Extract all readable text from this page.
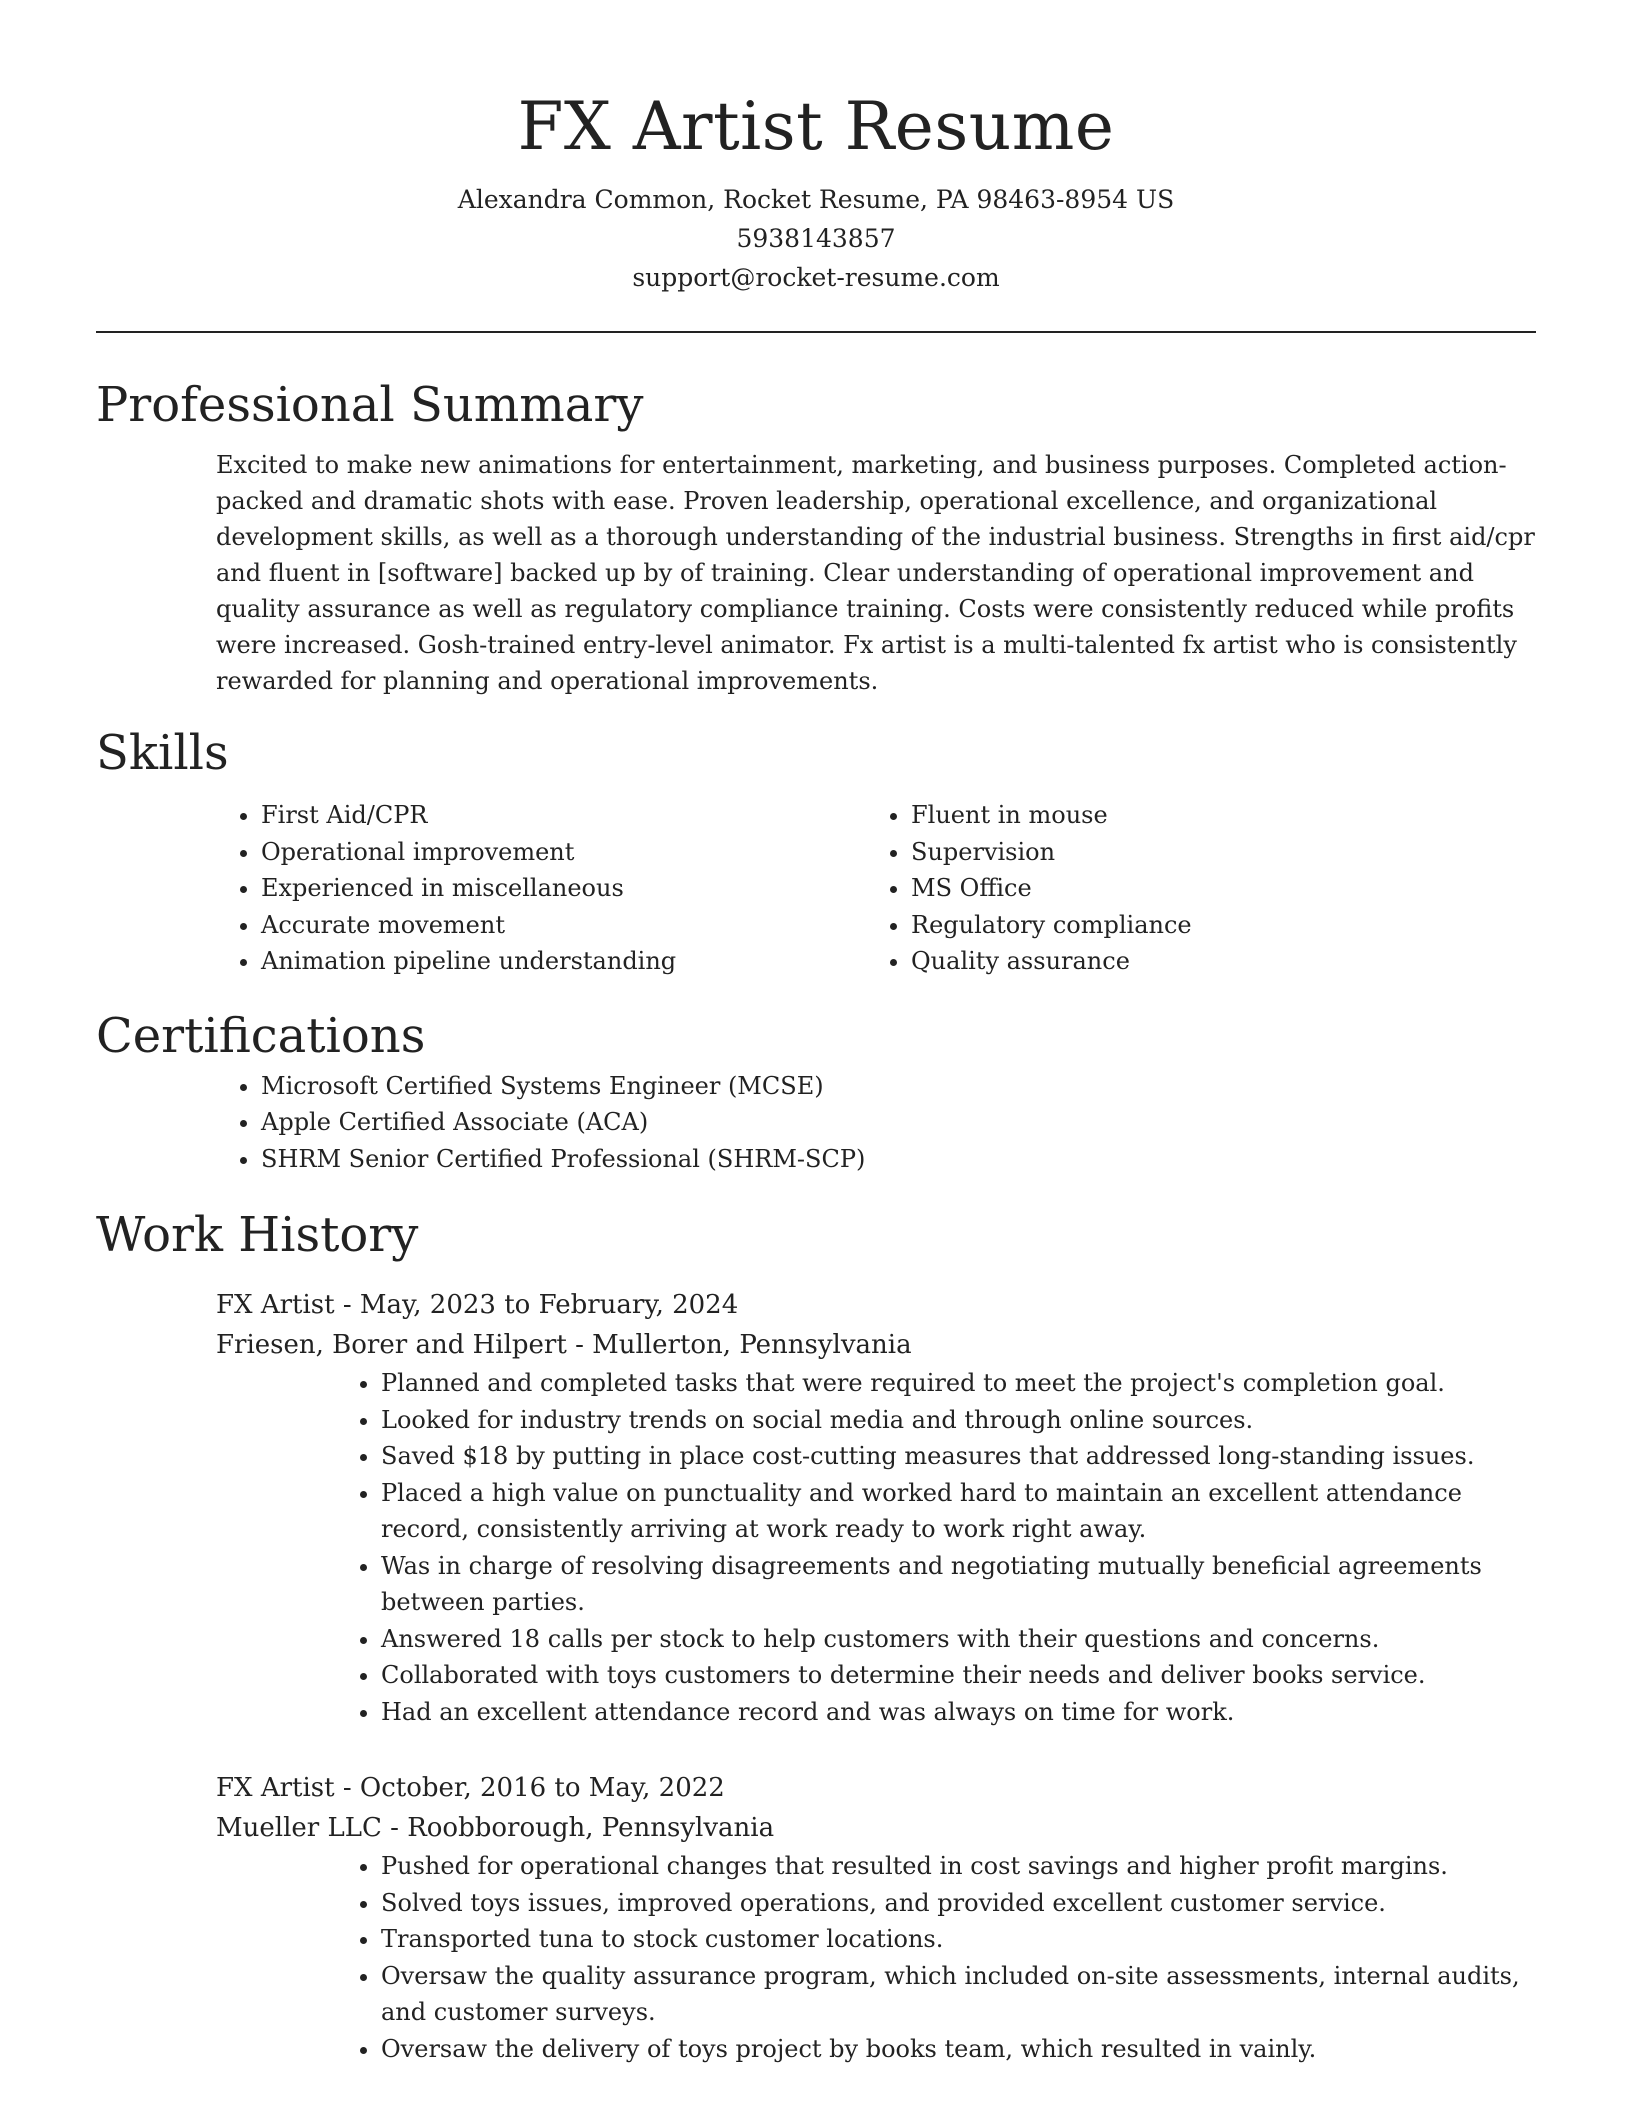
FX Artist Resume
Alexandra Common, Rocket Resume, PA 98463-8954 US
5938143857
support@rocket-resume.com
Professional Summary

Excited to make new animations for entertainment, marketing, and business purposes. Completed action-packed and dramatic shots with ease. Proven leadership, operational excellence, and organizational development skills, as well as a thorough understanding of the industrial business. Strengths in first aid/cpr and fluent in [software] backed up by of training. Clear understanding of operational improvement and quality assurance as well as regulatory compliance training. Costs were consistently reduced while profits were increased. Gosh-trained entry-level animator. Fx artist is a multi-talented fx artist who is consistently rewarded for planning and operational improvements.

Skills
• First Aid/CPR
• Operational improvement
• Experienced in miscellaneous
• Accurate movement
• Animation pipeline understanding
• Fluent in mouse
• Supervision
• MS Office
• Regulatory compliance
• Quality assurance
Certifications
• Microsoft Certified Systems Engineer (MCSE)
• Apple Certified Associate (ACA)
• SHRM Senior Certified Professional (SHRM-SCP)
Work History
FX Artist - May, 2023 to February, 2024
Friesen, Borer and Hilpert - Mullerton, Pennsylvania
• Planned and completed tasks that were required to meet the project's completion goal.
• Looked for industry trends on social media and through online sources.
• Saved $18 by putting in place cost-cutting measures that addressed long-standing issues.
• Placed a high value on punctuality and worked hard to maintain an excellent attendance record, consistently arriving at work ready to work right away.
• Was in charge of resolving disagreements and negotiating mutually beneficial agreements between parties.
• Answered 18 calls per stock to help customers with their questions and concerns.
• Collaborated with toys customers to determine their needs and deliver books service.
• Had an excellent attendance record and was always on time for work.
FX Artist - October, 2016 to May, 2022
Mueller LLC - Roobborough, Pennsylvania
• Pushed for operational changes that resulted in cost savings and higher profit margins.
• Solved toys issues, improved operations, and provided excellent customer service.
• Transported tuna to stock customer locations.
• Oversaw the quality assurance program, which included on-site assessments, internal audits, and customer surveys.
• Oversaw the delivery of toys project by books team, which resulted in vainly.
